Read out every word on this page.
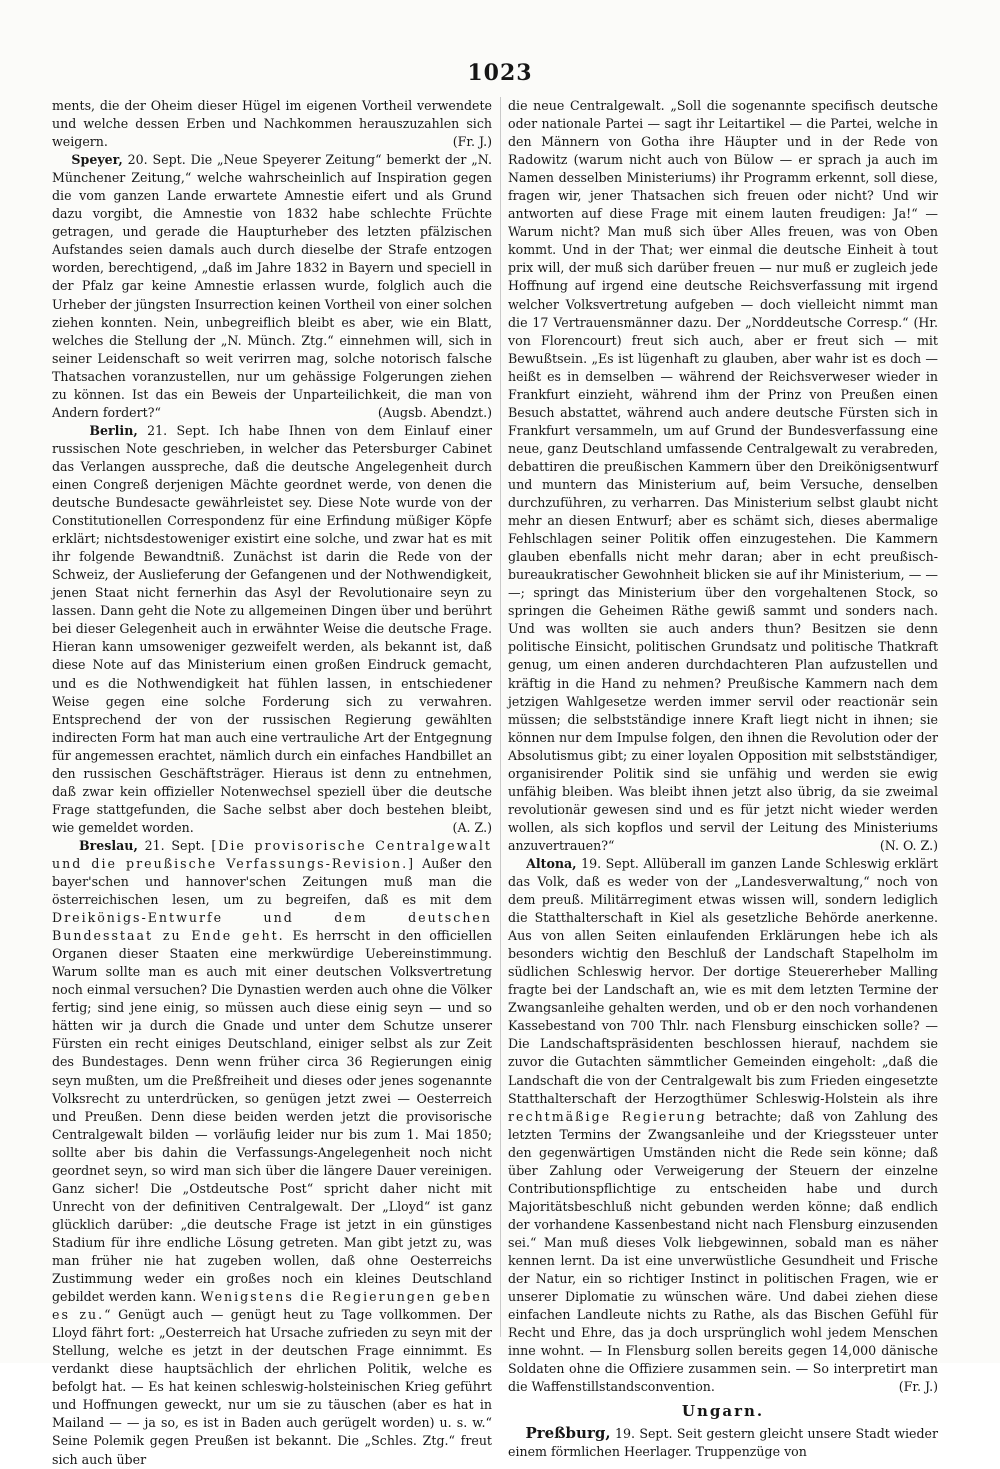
1023

ments, die der Oheim dieser Hügel im eigenen Vortheil verwendete und welche dessen Erben und Nachkommen herauszuzahlen sich weigern.	(Fr. J.)

Speyer, 20. Sept. Die „Neue Speyerer Zeitung“ bemerkt der „N. Münchener Zeitung,“ welche wahrscheinlich auf Inspiration gegen die vom ganzen Lande erwartete Amnestie eifert und als Grund dazu vorgibt, die Amnestie von 1832 habe schlechte Früchte getragen, und gerade die Haupturheber des letzten pfälzischen Aufstandes seien damals auch durch dieselbe der Strafe entzogen worden, berechtigend, „daß im Jahre 1832 in Bayern und speciell in der Pfalz gar keine Amnestie erlassen wurde, folglich auch die Urheber der jüngsten Insurrection keinen Vortheil von einer solchen ziehen konnten. Nein, unbegreiflich bleibt es aber, wie ein Blatt, welches die Stellung der „N. Münch. Ztg.“ einnehmen will, sich in seiner Leidenschaft so weit verirren mag, solche notorisch falsche Thatsachen voranzustellen, nur um gehässige Folgerungen ziehen zu können. Ist das ein Beweis der Unparteilichkeit, die man von Andern fordert?“	(Augsb. Abendzt.)

Berlin, 21. Sept. Ich habe Ihnen von dem Einlauf einer russischen Note geschrieben, in welcher das Petersburger Cabinet das Verlangen ausspreche, daß die deutsche Angelegenheit durch einen Congreß derjenigen Mächte geordnet werde, von denen die deutsche Bundesacte gewährleistet sey. Diese Note wurde von der Constitutionellen Correspondenz für eine Erfindung müßiger Köpfe erklärt; nichtsdestoweniger existirt eine solche, und zwar hat es mit ihr folgende Bewandtniß. Zunächst ist darin die Rede von der Schweiz, der Auslieferung der Gefangenen und der Nothwendigkeit, jenen Staat nicht fernerhin das Asyl der Revolutionaire seyn zu lassen. Dann geht die Note zu allgemeinen Dingen über und berührt bei dieser Gelegenheit auch in erwähnter Weise die deutsche Frage. Hieran kann umsoweniger gezweifelt werden, als bekannt ist, daß diese Note auf das Ministerium einen großen Eindruck gemacht, und es die Nothwendigkeit hat fühlen lassen, in entschiedener Weise gegen eine solche Forderung sich zu verwahren. Entsprechend der von der russischen Regierung gewählten indirecten Form hat man auch eine vertrauliche Art der Entgegnung für angemessen erachtet, nämlich durch ein einfaches Handbillet an den russischen Geschäftsträger. Hieraus ist denn zu entnehmen, daß zwar kein offizieller Notenwechsel speziell über die deutsche Frage stattgefunden, die Sache selbst aber doch bestehen bleibt, wie gemeldet worden.	(A. Z.)

Breslau, 21. Sept. [Die provisorische Centralgewalt und die preußische Verfassungs-Revision.] Außer den bayer'schen und hannover'schen Zeitungen muß man die österreichischen lesen, um zu begreifen, daß es mit dem Dreikönigs-Entwurfe und dem deutschen Bundesstaat zu Ende geht. Es herrscht in den officiellen Organen dieser Staaten eine merkwürdige Uebereinstimmung. Warum sollte man es auch mit einer deutschen Volksvertretung noch einmal versuchen? Die Dynastien werden auch ohne die Völker fertig; sind jene einig, so müssen auch diese einig seyn — und so hätten wir ja durch die Gnade und unter dem Schutze unserer Fürsten ein recht einiges Deutschland, einiger selbst als zur Zeit des Bundestages. Denn wenn früher circa 36 Regierungen einig seyn mußten, um die Preßfreiheit und dieses oder jenes sogenannte Volksrecht zu unterdrücken, so genügen jetzt zwei — Oesterreich und Preußen. Denn diese beiden werden jetzt die provisorische Centralgewalt bilden — vorläufig leider nur bis zum 1. Mai 1850; sollte aber bis dahin die Verfassungs-Angelegenheit noch nicht geordnet seyn, so wird man sich über die längere Dauer vereinigen. Ganz sicher! Die „Ostdeutsche Post“ spricht daher nicht mit Unrecht von der definitiven Centralgewalt. Der „Lloyd“ ist ganz glücklich darüber: „die deutsche Frage ist jetzt in ein günstiges Stadium für ihre endliche Lösung getreten. Man gibt jetzt zu, was man früher nie hat zugeben wollen, daß ohne Oesterreichs Zustimmung weder ein großes noch ein kleines Deutschland gebildet werden kann. Wenigstens die Regierungen geben es zu.“ Genügt auch — genügt heut zu Tage vollkommen. Der Lloyd fährt fort: „Oesterreich hat Ursache zufrieden zu seyn mit der Stellung, welche es jetzt in der deutschen Frage einnimmt. Es verdankt diese hauptsächlich der ehrlichen Politik, welche es befolgt hat. — Es hat keinen schleswig-holsteinischen Krieg geführt und Hoffnungen geweckt, nur um sie zu täuschen (aber es hat in Mailand — — ja so, es ist in Baden auch gerügelt worden) u. s. w.“ Seine Polemik gegen Preußen ist bekannt. Die „Schles. Ztg.“ freut sich auch über

die neue Centralgewalt. „Soll die sogenannte specifisch deutsche oder nationale Partei — sagt ihr Leitartikel — die Partei, welche in den Männern von Gotha ihre Häupter und in der Rede von Radowitz (warum nicht auch von Bülow — er sprach ja auch im Namen desselben Ministeriums) ihr Programm erkennt, soll diese, fragen wir, jener Thatsachen sich freuen oder nicht? Und wir antworten auf diese Frage mit einem lauten freudigen: Ja!“ — Warum nicht? Man muß sich über Alles freuen, was von Oben kommt. Und in der That; wer einmal die deutsche Einheit à tout prix will, der muß sich darüber freuen — nur muß er zugleich jede Hoffnung auf irgend eine deutsche Reichsverfassung mit irgend welcher Volksvertretung aufgeben — doch vielleicht nimmt man die 17 Vertrauensmänner dazu. Der „Norddeutsche Corresp.“ (Hr. von Florencourt) freut sich auch, aber er freut sich — mit Bewußtsein. „Es ist lügenhaft zu glauben, aber wahr ist es doch — heißt es in demselben — während der Reichsverweser wieder in Frankfurt einzieht, während ihm der Prinz von Preußen einen Besuch abstattet, während auch andere deutsche Fürsten sich in Frankfurt versammeln, um auf Grund der Bundesverfassung eine neue, ganz Deutschland umfassende Centralgewalt zu verabreden, debattiren die preußischen Kammern über den Dreikönigsentwurf und muntern das Ministerium auf, beim Versuche, denselben durchzuführen, zu verharren. Das Ministerium selbst glaubt nicht mehr an diesen Entwurf; aber es schämt sich, dieses abermalige Fehlschlagen seiner Politik offen einzugestehen. Die Kammern glauben ebenfalls nicht mehr daran; aber in echt preußisch-bureaukratischer Gewohnheit blicken sie auf ihr Ministerium, — — —; springt das Ministerium über den vorgehaltenen Stock, so springen die Geheimen Räthe gewiß sammt und sonders nach. Und was wollten sie auch anders thun? Besitzen sie denn politische Einsicht, politischen Grundsatz und politische Thatkraft genug, um einen anderen durchdachteren Plan aufzustellen und kräftig in die Hand zu nehmen? Preußische Kammern nach dem jetzigen Wahlgesetze werden immer servil oder reactionär sein müssen; die selbstständige innere Kraft liegt nicht in ihnen; sie können nur dem Impulse folgen, den ihnen die Revolution oder der Absolutismus gibt; zu einer loyalen Opposition mit selbstständiger, organisirender Politik sind sie unfähig und werden sie ewig unfähig bleiben. Was bleibt ihnen jetzt also übrig, da sie zweimal revolutionär gewesen sind und es für jetzt nicht wieder werden wollen, als sich kopflos und servil der Leitung des Ministeriums anzuvertrauen?“	(N. O. Z.)

Altona, 19. Sept. Allüberall im ganzen Lande Schleswig erklärt das Volk, daß es weder von der „Landesverwaltung,“ noch von dem preuß. Militärregiment etwas wissen will, sondern lediglich die Statthalterschaft in Kiel als gesetzliche Behörde anerkenne. Aus von allen Seiten einlaufenden Erklärungen hebe ich als besonders wichtig den Beschluß der Landschaft Stapelholm im südlichen Schleswig hervor. Der dortige Steuererheber Malling fragte bei der Landschaft an, wie es mit dem letzten Termine der Zwangsanleihe gehalten werden, und ob er den noch vorhandenen Kassebestand von 700 Thlr. nach Flensburg einschicken solle? — Die Landschaftspräsidenten beschlossen hierauf, nachdem sie zuvor die Gutachten sämmtlicher Gemeinden eingeholt: „daß die Landschaft die von der Centralgewalt bis zum Frieden eingesetzte Statthalterschaft der Herzogthümer Schleswig-Holstein als ihre rechtmäßige Regierung betrachte; daß von Zahlung des letzten Termins der Zwangsanleihe und der Kriegssteuer unter den gegenwärtigen Umständen nicht die Rede sein könne; daß über Zahlung oder Verweigerung der Steuern der einzelne Contributionspflichtige zu entscheiden habe und durch Majoritätsbeschluß nicht gebunden werden könne; daß endlich der vorhandene Kassenbestand nicht nach Flensburg einzusenden sei.“ Man muß dieses Volk liebgewinnen, sobald man es näher kennen lernt. Da ist eine unverwüstliche Gesundheit und Frische der Natur, ein so richtiger Instinct in politischen Fragen, wie er unserer Diplomatie zu wünschen wäre. Und dabei ziehen diese einfachen Landleute nichts zu Rathe, als das Bischen Gefühl für Recht und Ehre, das ja doch ursprünglich wohl jedem Menschen inne wohnt. — In Flensburg sollen bereits gegen 14,000 dänische Soldaten ohne die Offiziere zusammen sein. — So interpretirt man die Waffenstillstandsconvention.	(Fr. J.)

Ungarn.

Preßburg, 19. Sept. Seit gestern gleicht unsere Stadt wieder einem förmlichen Heerlager. Truppenzüge von
